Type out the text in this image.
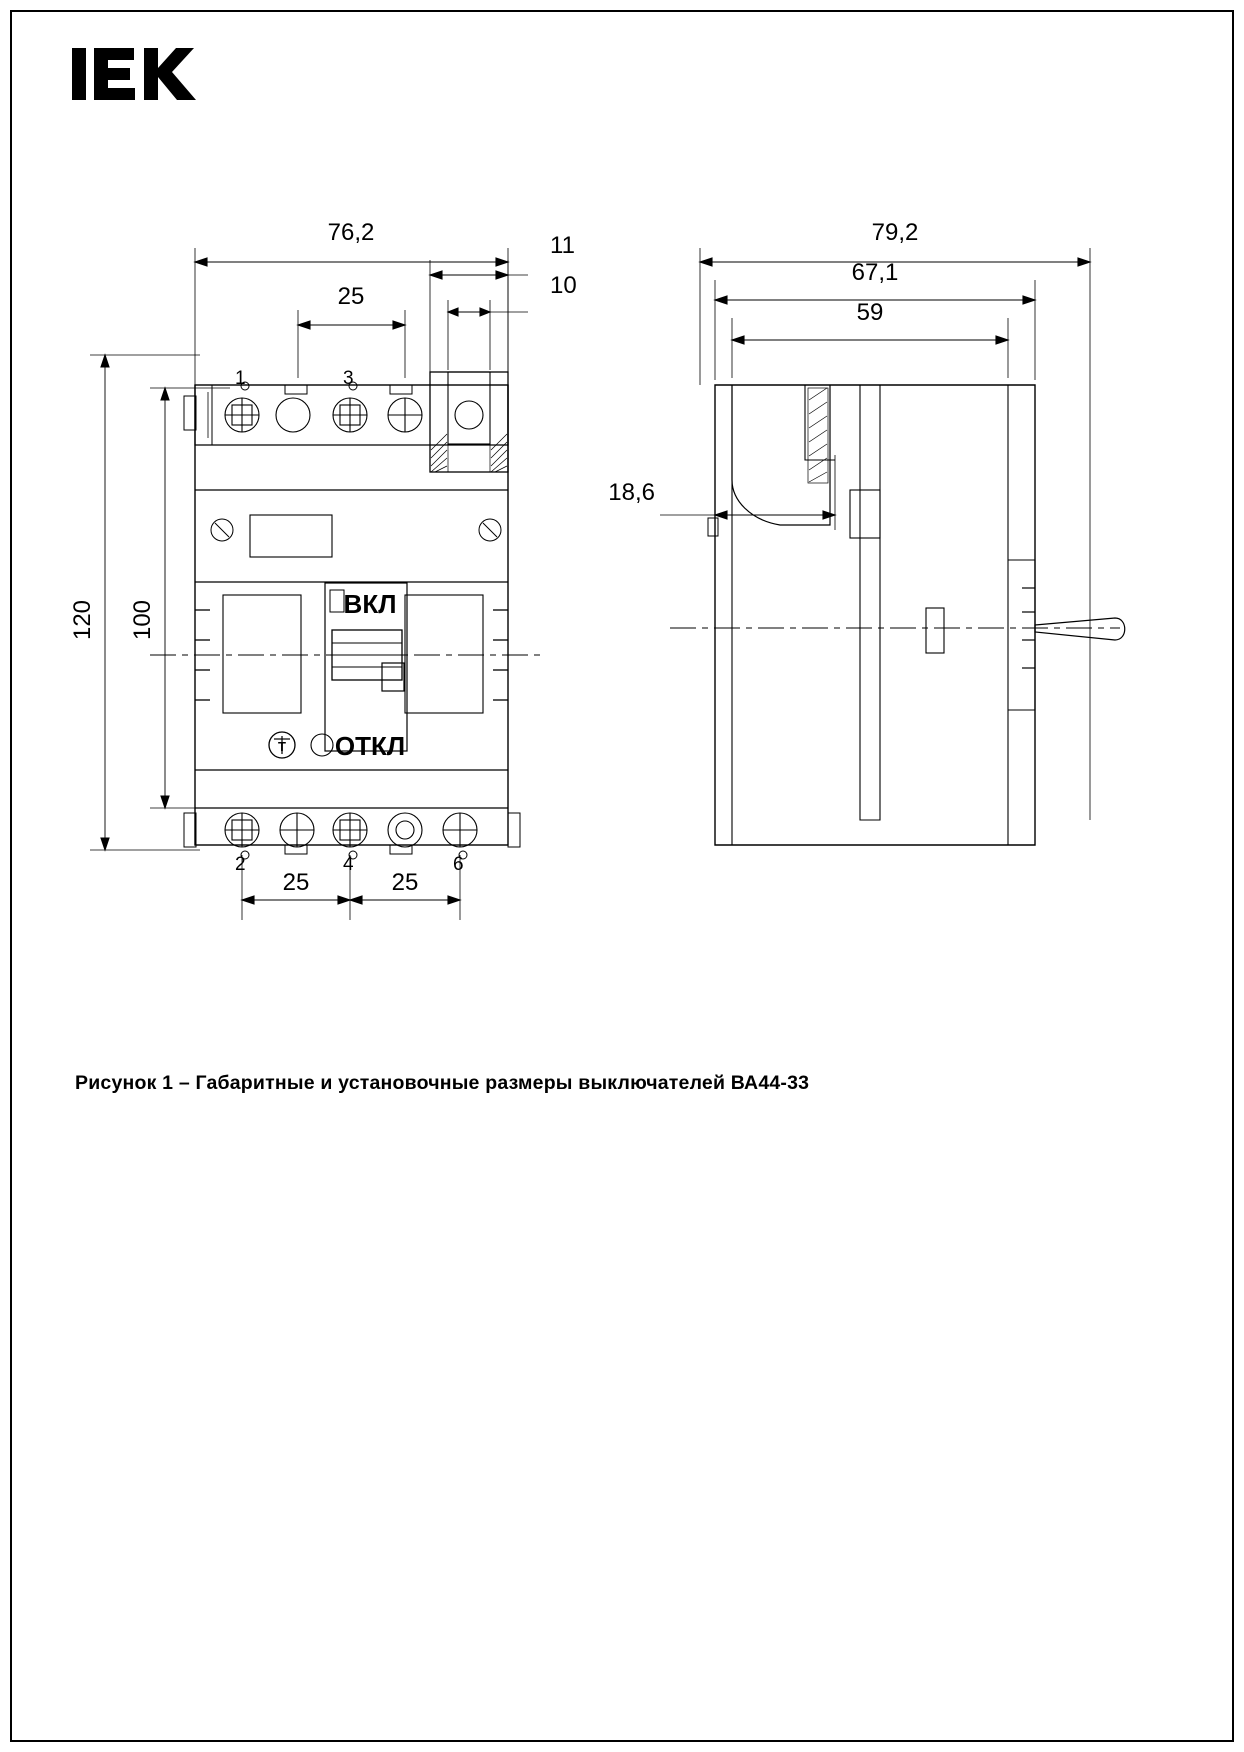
76,2
25
11
10
120 100
25	25
79,2
67,1
59
18,6
ВКЛ
ОТКЛ
1	3
2	4	6
T
Рисунок 1 – Габаритные и установочные размеры выключателей ВА44-33
